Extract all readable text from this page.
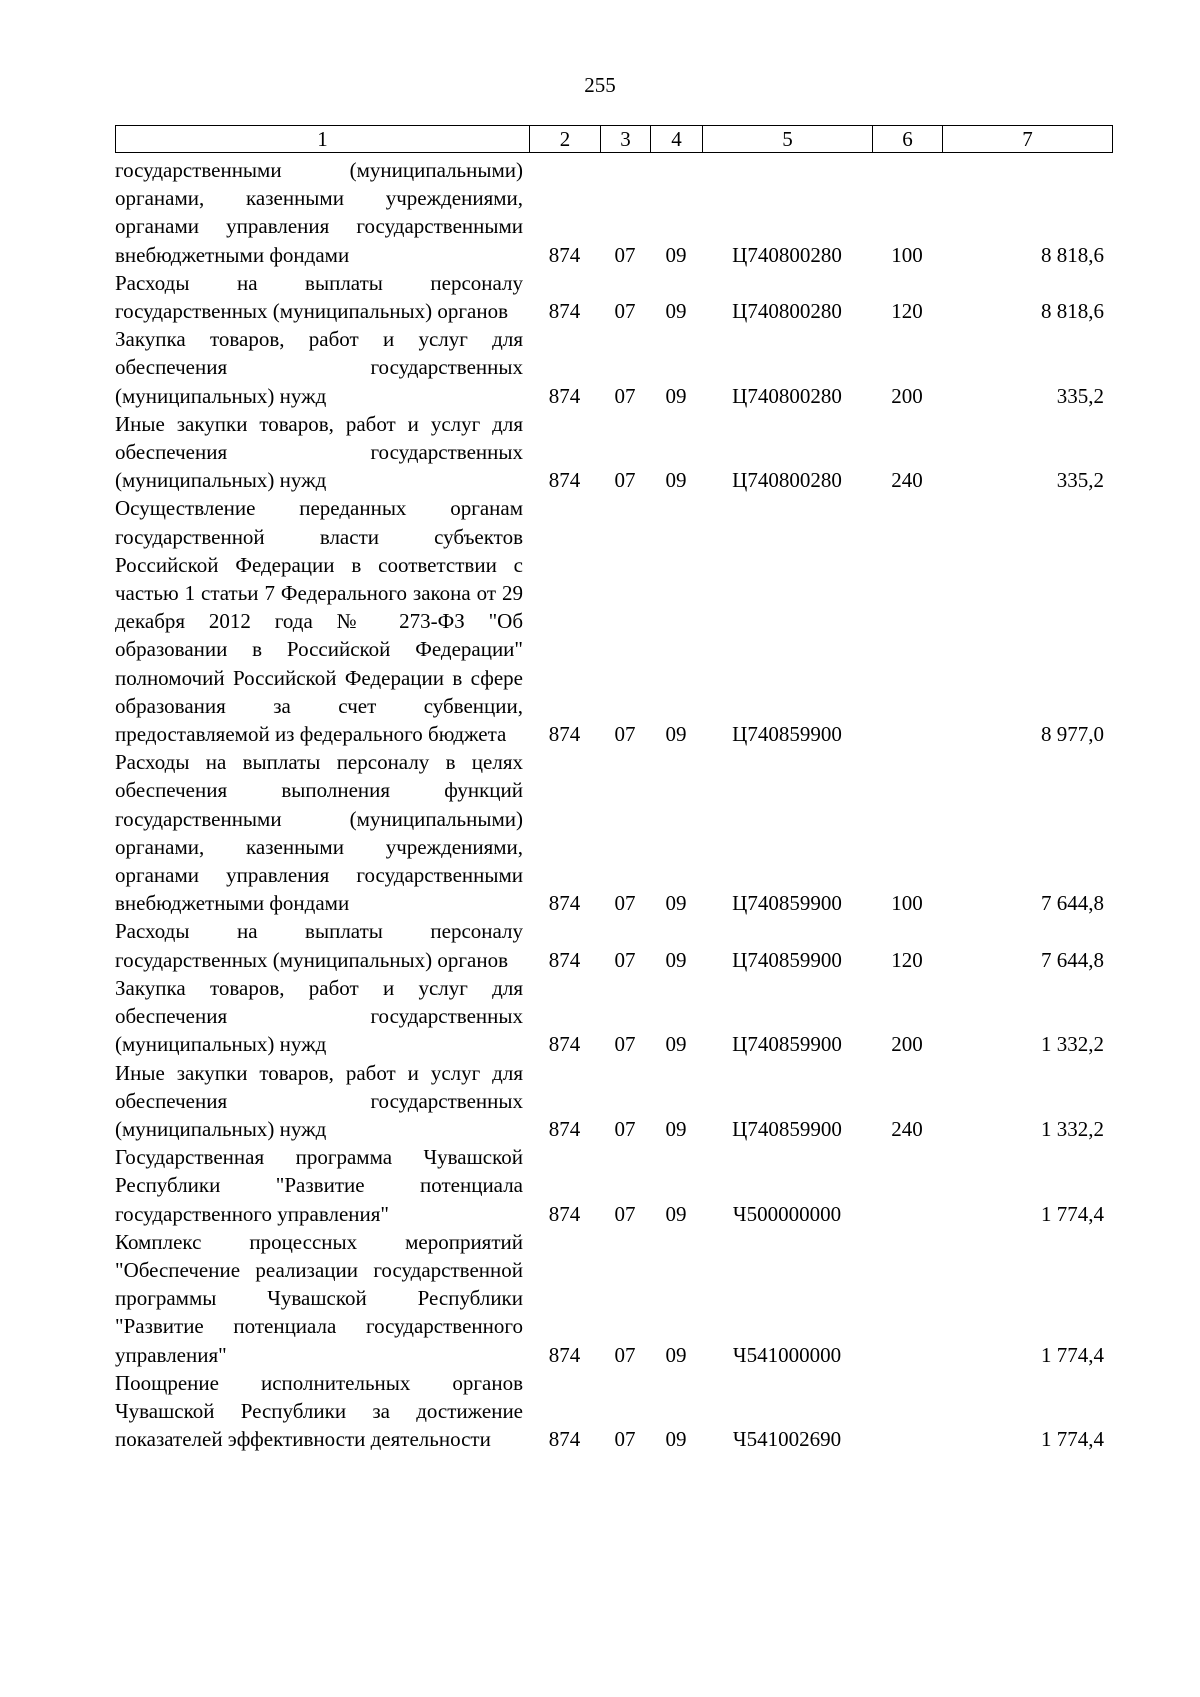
255
1	2	3	4	5	6	7
государственными (муниципальными) органами, казенными учреждениями, органами управления государственными внебюджетными фондами	874	07	09	Ц740800280	100	8 818,6
Расходы на выплаты персоналу государственных (муниципальных) органов	874	07	09	Ц740800280	120	8 818,6
Закупка товаров, работ и услуг для обеспечения государственных (муниципальных) нужд	874	07	09	Ц740800280	200	335,2
Иные закупки товаров, работ и услуг для обеспечения государственных (муниципальных) нужд	874	07	09	Ц740800280	240	335,2
Осуществление переданных органам государственной власти субъектов Российской Федерации в соответствии с частью 1 статьи 7 Федерального закона от 29 декабря 2012 года № 273-ФЗ "Об образовании в Российской Федерации" полномочий Российской Федерации в сфере образования за счет субвенции, предоставляемой из федерального бюджета	874	07	09	Ц740859900		8 977,0
Расходы на выплаты персоналу в целях обеспечения выполнения функций государственными (муниципальными) органами, казенными учреждениями, органами управления государственными внебюджетными фондами	874	07	09	Ц740859900	100	7 644,8
Расходы на выплаты персоналу государственных (муниципальных) органов	874	07	09	Ц740859900	120	7 644,8
Закупка товаров, работ и услуг для обеспечения государственных (муниципальных) нужд	874	07	09	Ц740859900	200	1 332,2
Иные закупки товаров, работ и услуг для обеспечения государственных (муниципальных) нужд	874	07	09	Ц740859900	240	1 332,2
Государственная программа Чувашской Республики "Развитие потенциала государственного управления"	874	07	09	Ч500000000		1 774,4
Комплекс процессных мероприятий "Обеспечение реализации государственной программы Чувашской Республики "Развитие потенциала государственного управления"	874	07	09	Ч541000000		1 774,4
Поощрение исполнительных органов Чувашской Республики за достижение показателей эффективности деятельности	874	07	09	Ч541002690		1 774,4
